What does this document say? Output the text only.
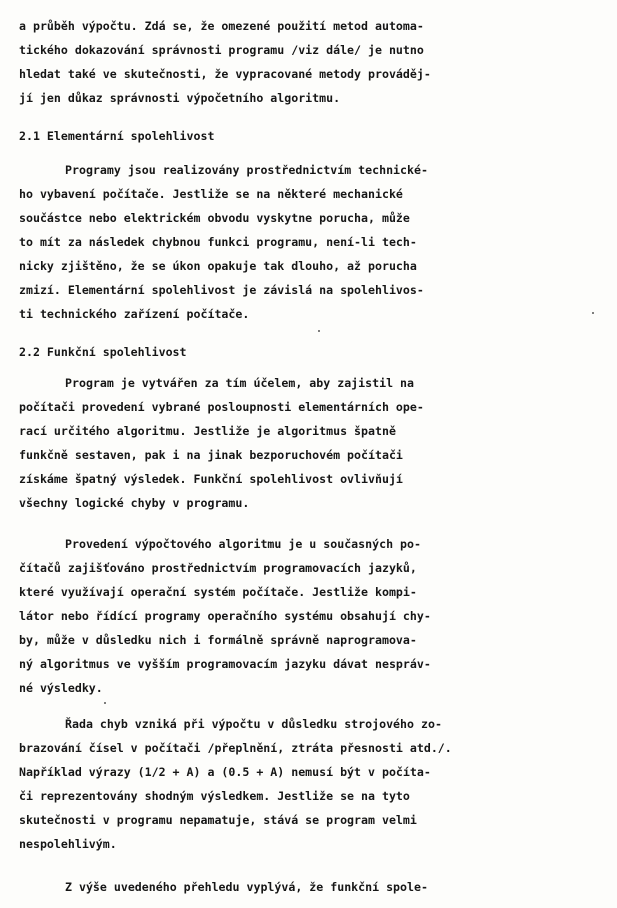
a průběh výpočtu. Zdá se, že omezené použití metod automa-
tického dokazování správnosti programu /viz dále/ je nutno
hledat také ve skutečnosti, že vypracované metody prováděj-
jí jen důkaz správnosti výpočetního algoritmu.
2.1 Elementární spolehlivost
Programy jsou realizovány prostřednictvím technické-
ho vybavení počítače. Jestliže se na některé mechanické
součástce nebo elektrickém obvodu vyskytne porucha, může
to mít za následek chybnou funkci programu, není-li tech-
nicky zjištěno, že se úkon opakuje tak dlouho, až porucha
zmizí. Elementární spolehlivost je závislá na spolehlivos-
ti technického zařízení počítače.
2.2 Funkční spolehlivost
Program je vytvářen za tím účelem, aby zajistil na
počítači provedení vybrané posloupnosti elementárních ope-
rací určitého algoritmu. Jestliže je algoritmus špatně
funkčně sestaven, pak i na jinak bezporuchovém počítači
získáme špatný výsledek. Funkční spolehlivost ovlivňují
všechny logické chyby v programu.
Provedení výpočtového algoritmu je u současných po-
čítačů zajišťováno prostřednictvím programovacích jazyků,
které využívají operační systém počítače. Jestliže kompi-
látor nebo řídící programy operačního systému obsahují chy-
by, může v důsledku nich i formálně správně naprogramova-
ný algoritmus ve vyšším programovacím jazyku dávat nespráv-
né výsledky.
Řada chyb vzniká při výpočtu v důsledku strojového zo-
brazování čísel v počítači /přeplnění, ztráta přesnosti atd./.
Například výrazy (1/2 + A) a (0.5 + A) nemusí být v počíta-
či reprezentovány shodným výsledkem. Jestliže se na tyto
skutečnosti v programu nepamatuje, stává se program velmi
nespolehlivým.
Z výše uvedeného přehledu vyplývá, že funkční spole-
